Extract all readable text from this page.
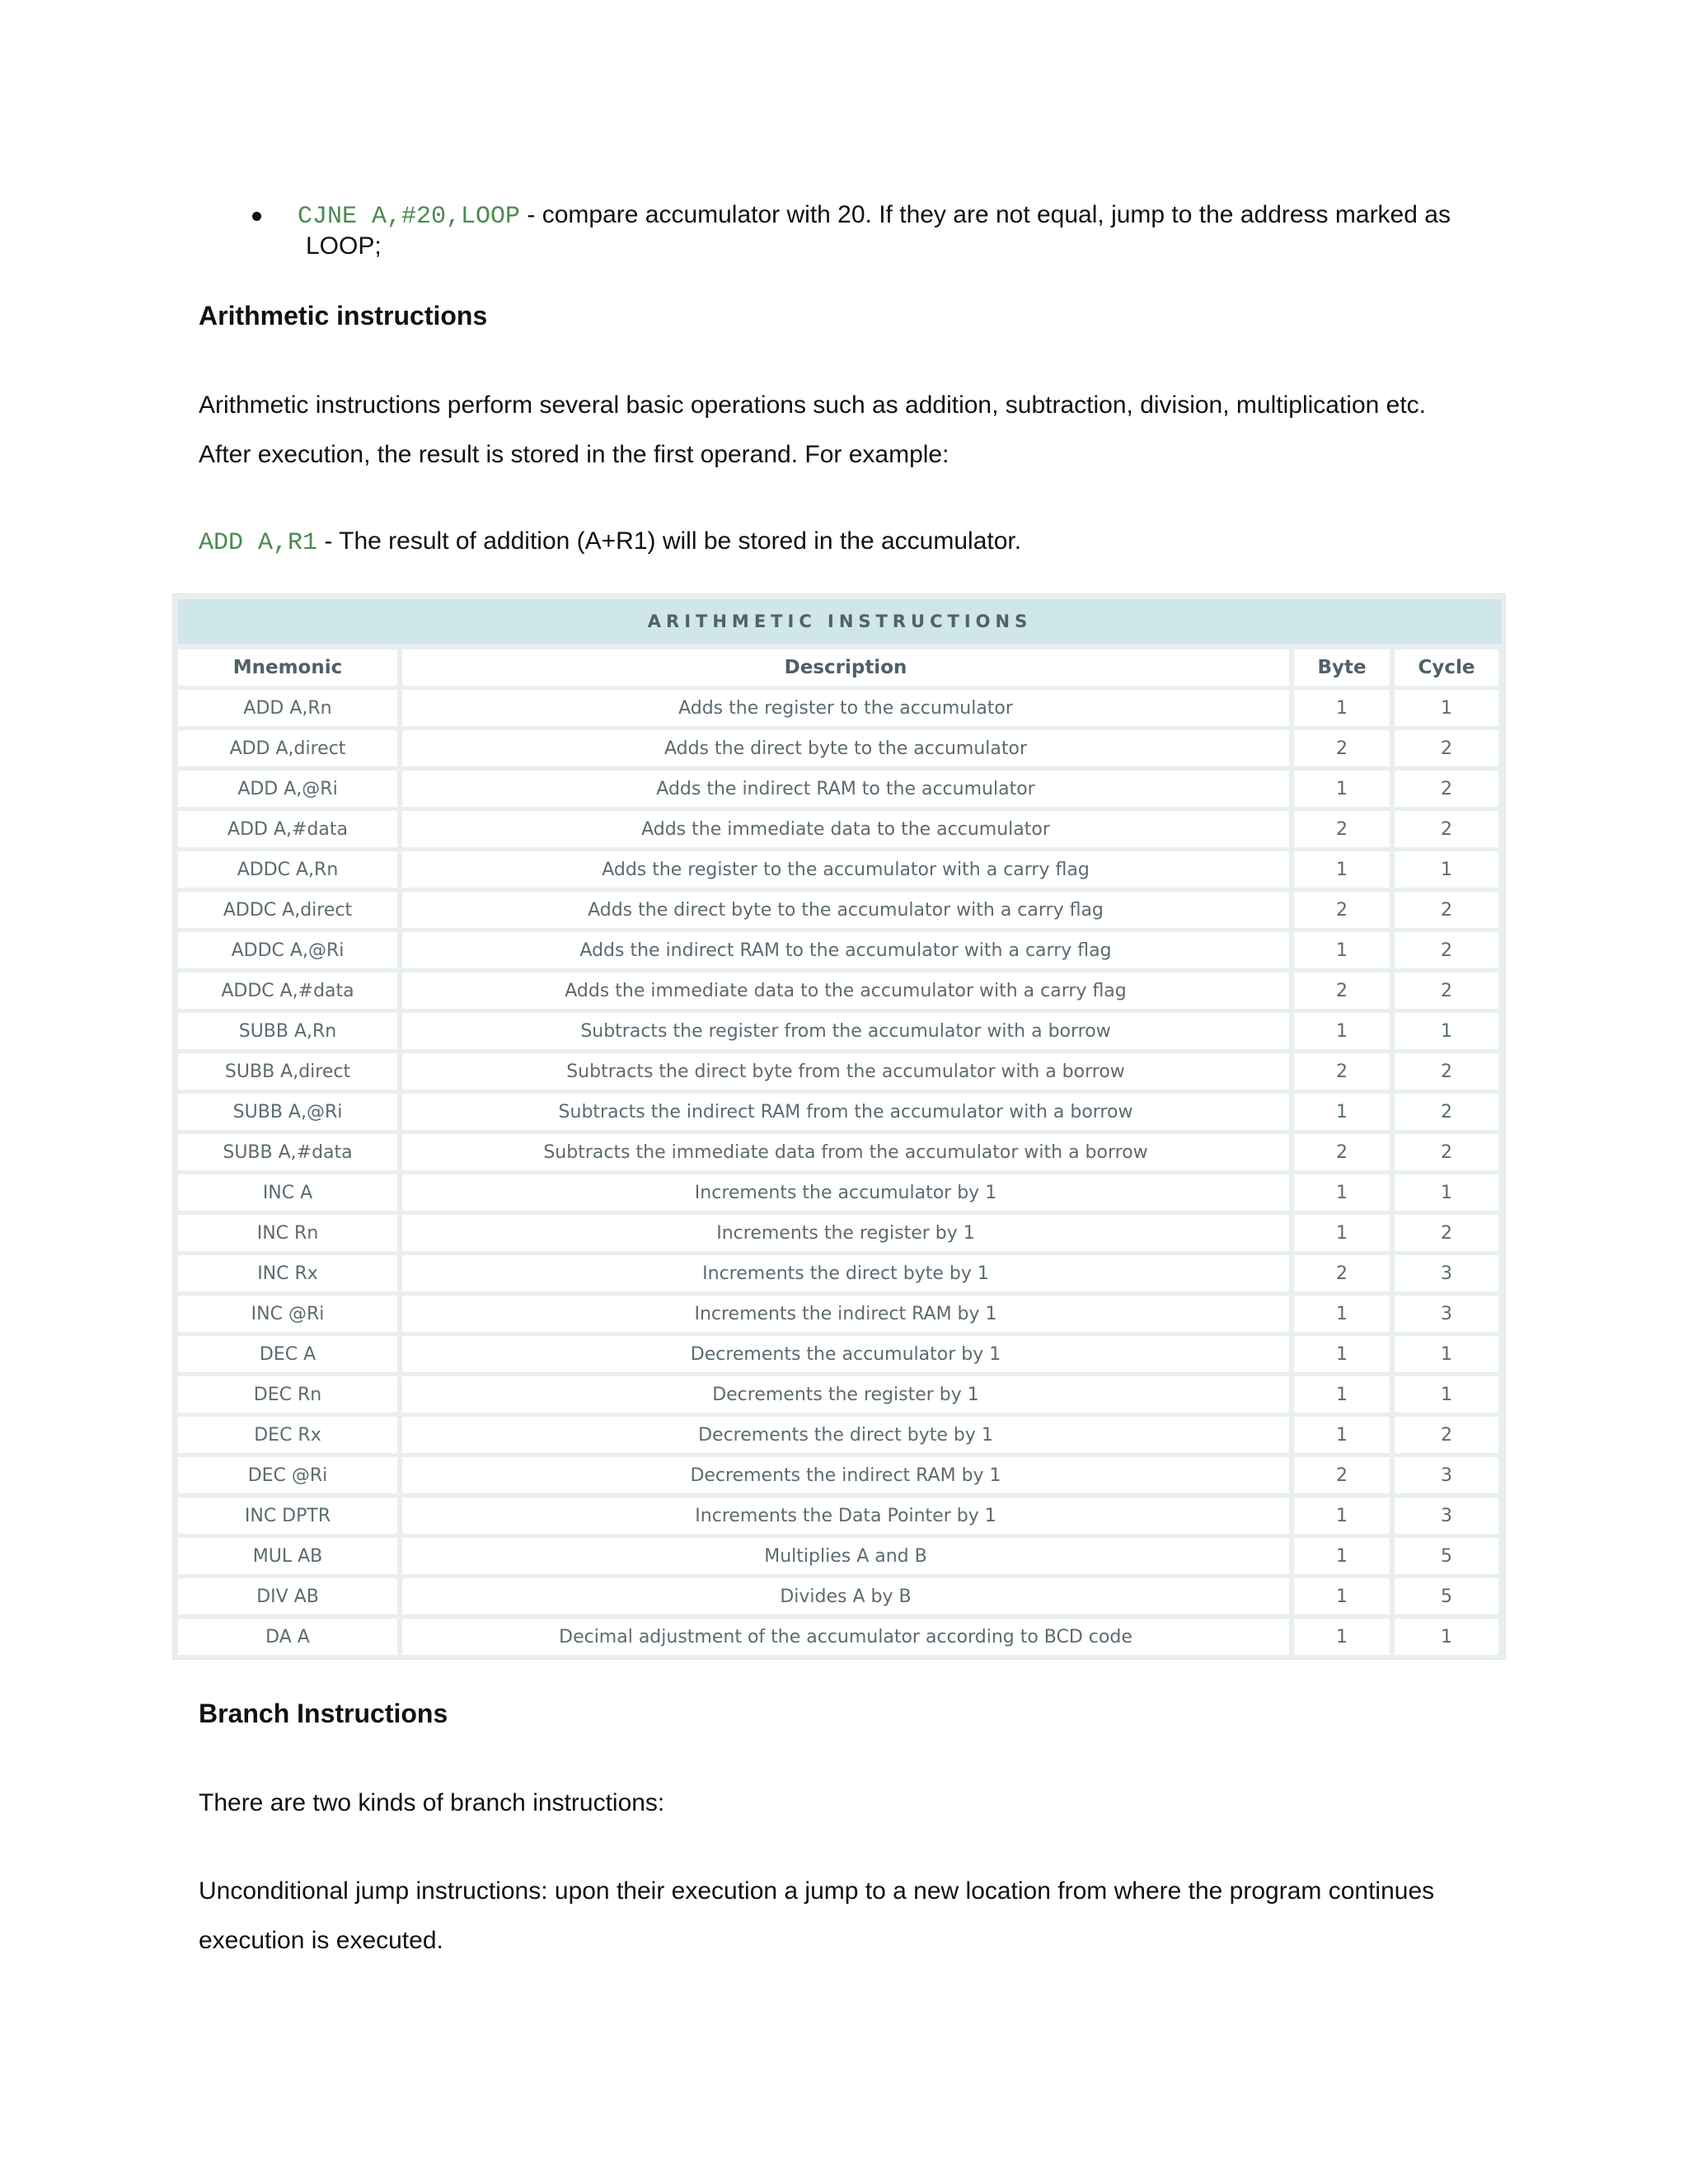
CJNE A,#20,LOOP - compare accumulator with 20. If they are not equal, jump to the address marked as
LOOP;
Arithmetic instructions
Arithmetic instructions perform several basic operations such as addition, subtraction, division, multiplication etc.
After execution, the result is stored in the first operand. For example:
ADD A,R1 - The result of addition (A+R1) will be stored in the accumulator.
ARITHMETIC INSTRUCTIONS
Mnemonic	Description	Byte	Cycle
ADD A,Rn	Adds the register to the accumulator	1	1
ADD A,direct	Adds the direct byte to the accumulator	2	2
ADD A,@Ri	Adds the indirect RAM to the accumulator	1	2
ADD A,#data	Adds the immediate data to the accumulator	2	2
ADDC A,Rn	Adds the register to the accumulator with a carry flag	1	1
ADDC A,direct	Adds the direct byte to the accumulator with a carry flag	2	2
ADDC A,@Ri	Adds the indirect RAM to the accumulator with a carry flag	1	2
ADDC A,#data	Adds the immediate data to the accumulator with a carry flag	2	2
SUBB A,Rn	Subtracts the register from the accumulator with a borrow	1	1
SUBB A,direct	Subtracts the direct byte from the accumulator with a borrow	2	2
SUBB A,@Ri	Subtracts the indirect RAM from the accumulator with a borrow	1	2
SUBB A,#data	Subtracts the immediate data from the accumulator with a borrow	2	2
INC A	Increments the accumulator by 1	1	1
INC Rn	Increments the register by 1	1	2
INC Rx	Increments the direct byte by 1	2	3
INC @Ri	Increments the indirect RAM by 1	1	3
DEC A	Decrements the accumulator by 1	1	1
DEC Rn	Decrements the register by 1	1	1
DEC Rx	Decrements the direct byte by 1	1	2
DEC @Ri	Decrements the indirect RAM by 1	2	3
INC DPTR	Increments the Data Pointer by 1	1	3
MUL AB	Multiplies A and B	1	5
DIV AB	Divides A by B	1	5
DA A	Decimal adjustment of the accumulator according to BCD code	1	1
Branch Instructions
There are two kinds of branch instructions:
Unconditional jump instructions: upon their execution a jump to a new location from where the program continues
execution is executed.
